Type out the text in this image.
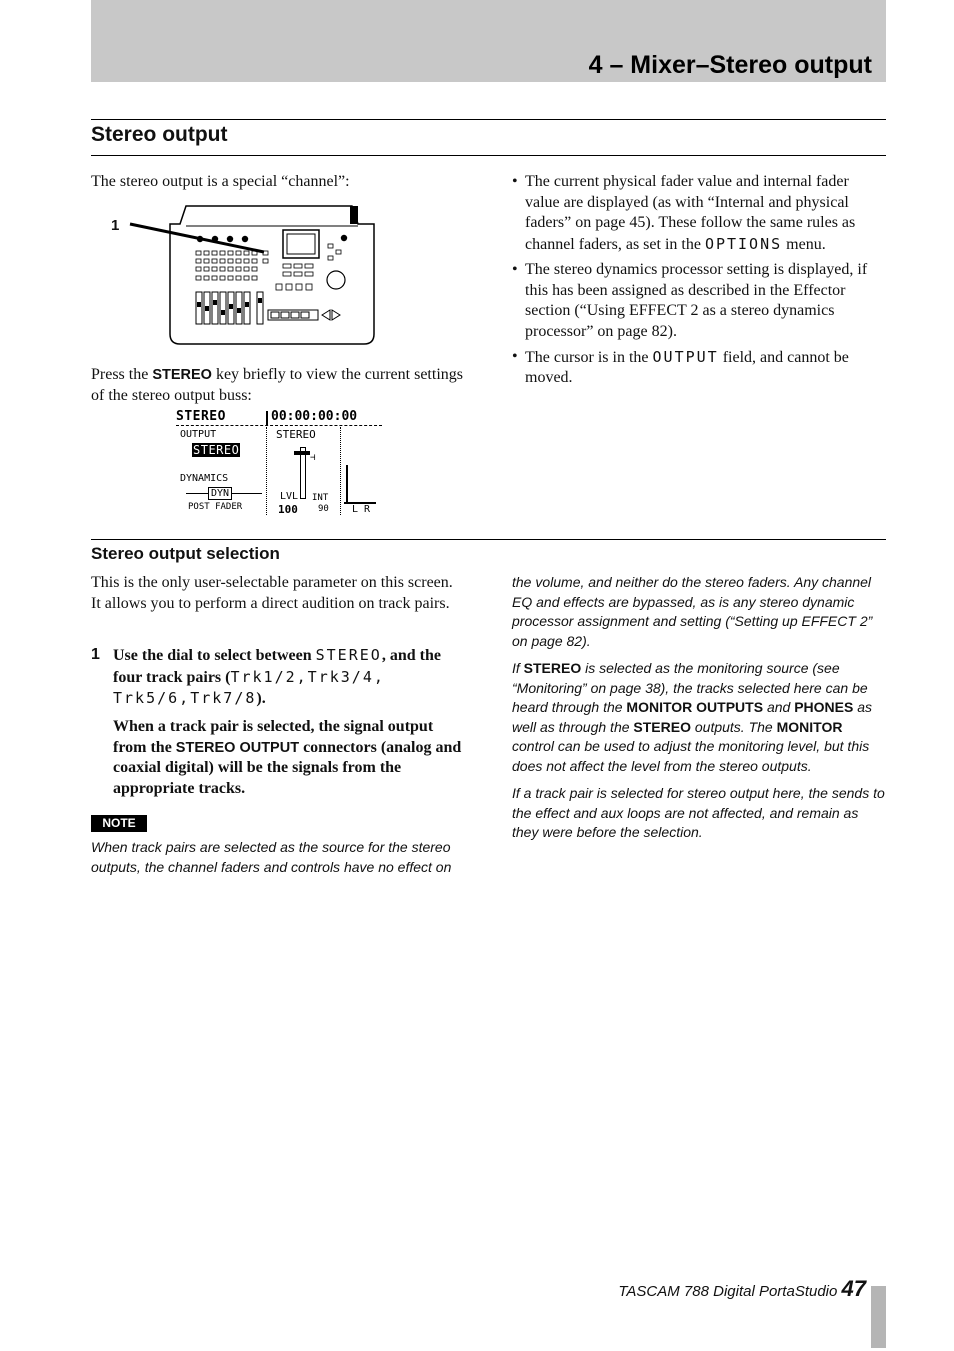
4 – Mixer–Stereo output
Stereo output
The stereo output is a special “channel”:
1
Press the STEREO key briefly to view the current settings of the stereo output buss:
STEREO	00:00:00:00
OUTPUT
STEREO
STEREO
⊣
DYNAMICS
DYN
POST FADER
LVL
100
INT
90 L R
• The current physical fader value and internal fader value are displayed (as with “Internal and physical faders” on page 45). These follow the same rules as channel faders, as set in the OPTIONS menu.
• The stereo dynamics processor setting is displayed, if this has been assigned as described in the Effector section (“Using EFFECT 2 as a stereo dynamics processor” on page 82).
• The cursor is in the OUTPUT field, and cannot be moved.
Stereo output selection
This is the only user-selectable parameter on this screen. It allows you to perform a direct audition on track pairs.
1 Use the dial to select between STEREO, and the four track pairs (Trk1/2,Trk3/4, Trk5/6,Trk7/8).
When a track pair is selected, the signal output from the STEREO OUTPUT connectors (analog and coaxial digital) will be the signals from the appropriate tracks.
NOTE
When track pairs are selected as the source for the stereo outputs, the channel faders and controls have no effect on
the volume, and neither do the stereo faders. Any channel EQ and effects are bypassed, as is any stereo dynamic processor assignment and setting (“Setting up EFFECT 2” on page 82).
If STEREO is selected as the monitoring source (see “Monitoring” on page 38), the tracks selected here can be heard through the MONITOR OUTPUTS and PHONES as well as through the STEREO outputs. The MONITOR control can be used to adjust the monitoring level, but this does not affect the level from the stereo outputs.
If a track pair is selected for stereo output here, the sends to the effect and aux loops are not affected, and remain as they were before the selection.
TASCAM 788 Digital PortaStudio 47
